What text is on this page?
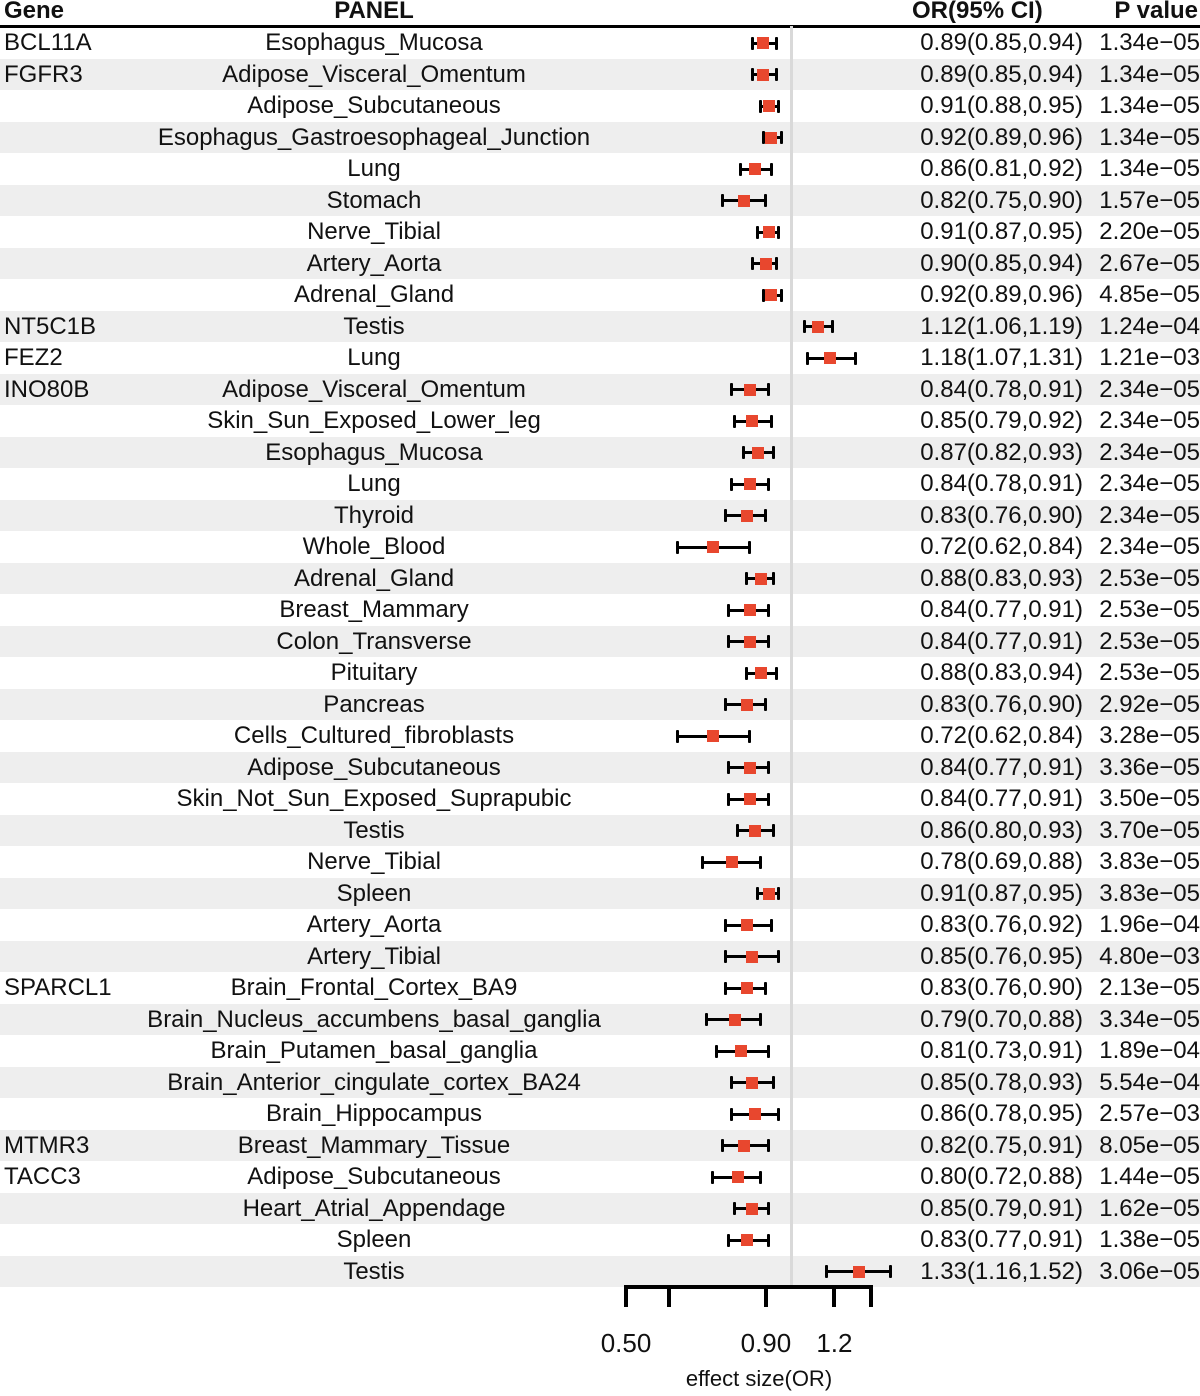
Gene	PANEL	OR(95% CI)	P value
BCL11A	Esophagus_Mucosa	0.89(0.85,0.94) 1.34e−05
FGFR3	Adipose_Visceral_Omentum	0.89(0.85,0.94) 1.34e−05
Adipose_Subcutaneous	0.91(0.88,0.95) 1.34e−05
Esophagus_Gastroesophageal_Junction	0.92(0.89,0.96) 1.34e−05
Lung	0.86(0.81,0.92) 1.34e−05
Stomach	0.82(0.75,0.90) 1.57e−05
Nerve_Tibial	0.91(0.87,0.95) 2.20e−05
Artery_Aorta	0.90(0.85,0.94) 2.67e−05
Adrenal_Gland	0.92(0.89,0.96) 4.85e−05
NT5C1B	Testis	1.12(1.06,1.19) 1.24e−04
FEZ2	Lung	1.18(1.07,1.31) 1.21e−03
INO80B	Adipose_Visceral_Omentum	0.84(0.78,0.91) 2.34e−05
Skin_Sun_Exposed_Lower_leg	0.85(0.79,0.92) 2.34e−05
Esophagus_Mucosa	0.87(0.82,0.93) 2.34e−05
Lung	0.84(0.78,0.91) 2.34e−05
Thyroid	0.83(0.76,0.90) 2.34e−05
Whole_Blood	0.72(0.62,0.84) 2.34e−05
Adrenal_Gland	0.88(0.83,0.93) 2.53e−05
Breast_Mammary	0.84(0.77,0.91) 2.53e−05
Colon_Transverse	0.84(0.77,0.91) 2.53e−05
Pituitary	0.88(0.83,0.94) 2.53e−05
Pancreas	0.83(0.76,0.90) 2.92e−05
Cells_Cultured_fibroblasts	0.72(0.62,0.84) 3.28e−05
Adipose_Subcutaneous	0.84(0.77,0.91) 3.36e−05
Skin_Not_Sun_Exposed_Suprapubic	0.84(0.77,0.91) 3.50e−05
Testis	0.86(0.80,0.93) 3.70e−05
Nerve_Tibial	0.78(0.69,0.88) 3.83e−05
Spleen	0.91(0.87,0.95) 3.83e−05
Artery_Aorta	0.83(0.76,0.92) 1.96e−04
Artery_Tibial	0.85(0.76,0.95) 4.80e−03
SPARCL1	Brain_Frontal_Cortex_BA9	0.83(0.76,0.90) 2.13e−05
Brain_Nucleus_accumbens_basal_ganglia	0.79(0.70,0.88) 3.34e−05
Brain_Putamen_basal_ganglia	0.81(0.73,0.91) 1.89e−04
Brain_Anterior_cingulate_cortex_BA24	0.85(0.78,0.93) 5.54e−04
Brain_Hippocampus	0.86(0.78,0.95) 2.57e−03
MTMR3	Breast_Mammary_Tissue	0.82(0.75,0.91) 8.05e−05
TACC3	Adipose_Subcutaneous	0.80(0.72,0.88) 1.44e−05
Heart_Atrial_Appendage	0.85(0.79,0.91) 1.62e−05
Spleen	0.83(0.77,0.91) 1.38e−05
Testis	1.33(1.16,1.52) 3.06e−05
0.50	0.90 1.2
effect size(OR)
